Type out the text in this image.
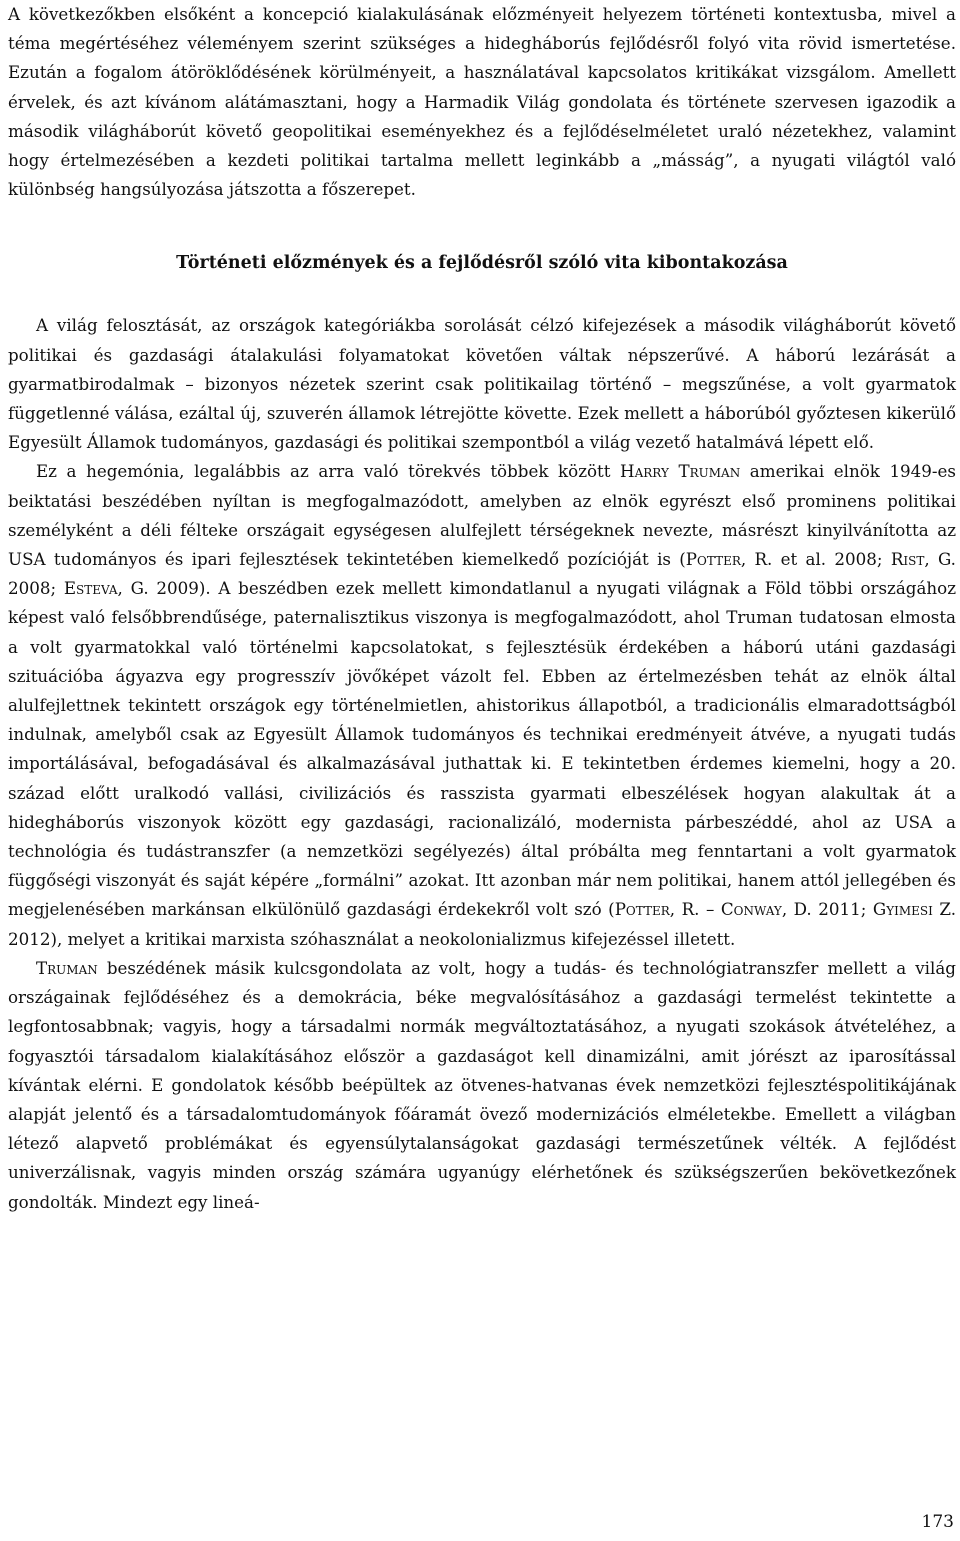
A következőkben elsőként a koncepció kialakulásának előzményeit helyezem történeti kontextusba, mivel a téma megértéséhez véleményem szerint szükséges a hidegháborús fejlődésről folyó vita rövid ismertetése. Ezután a fogalom átöröklődésének körülményeit, a használatával kapcsolatos kritikákat vizsgálom. Amellett érvelek, és azt kívánom alátámasztani, hogy a Harmadik Világ gondolata és története szervesen igazodik a második világháborút követő geopolitikai eseményekhez és a fejlődéselméletet uraló nézetekhez, valamint hogy értelmezésében a kezdeti politikai tartalma mellett leginkább a „másság”, a nyugati világtól való különbség hangsúlyozása játszotta a főszerepet.

Történeti előzmények és a fejlődésről szóló vita kibontakozása

A világ felosztását, az országok kategóriákba sorolását célzó kifejezések a második világháborút követő politikai és gazdasági átalakulási folyamatokat követően váltak népszerűvé. A háború lezárását a gyarmatbirodalmak – bizonyos nézetek szerint csak politikailag történő – megszűnése, a volt gyarmatok függetlenné válása, ezáltal új, szuverén államok létrejötte követte. Ezek mellett a háborúból győztesen kikerülő Egyesült Államok tudományos, gazdasági és politikai szempontból a világ vezető hatalmává lépett elő.

Ez a hegemónia, legalábbis az arra való törekvés többek között Harry Truman amerikai elnök 1949-es beiktatási beszédében nyíltan is megfogalmazódott, amelyben az elnök egyrészt első prominens politikai személyként a déli félteke országait egységesen alulfejlett térségeknek nevezte, másrészt kinyilvánította az USA tudományos és ipari fejlesztések tekintetében kiemelkedő pozícióját is (Potter, R. et al. 2008; Rist, G. 2008; Esteva, G. 2009). A beszédben ezek mellett kimondatlanul a nyugati világnak a Föld többi országához képest való felsőbbrendűsége, paternalisztikus viszonya is megfogalmazódott, ahol Truman tudatosan elmosta a volt gyarmatokkal való történelmi kapcsolatokat, s fejlesztésük érdekében a háború utáni gazdasági szituációba ágyazva egy progresszív jövőképet vázolt fel. Ebben az értelmezésben tehát az elnök által alulfejlettnek tekintett országok egy történelmietlen, ahistorikus állapotból, a tradicionális elmaradottságból indulnak, amelyből csak az Egyesült Államok tudományos és technikai eredményeit átvéve, a nyugati tudás importálásával, befogadásával és alkalmazásával juthattak ki. E tekintetben érdemes kiemelni, hogy a 20. század előtt uralkodó vallási, civilizációs és rasszista gyarmati elbeszélések hogyan alakultak át a hidegháborús viszonyok között egy gazdasági, racionalizáló, modernista párbeszéddé, ahol az USA a technológia és tudástranszfer (a nemzetközi segélyezés) által próbálta meg fenntartani a volt gyarmatok függőségi viszonyát és saját képére „formálni” azokat. Itt azonban már nem politikai, hanem attól jellegében és megjelenésében markánsan elkülönülő gazdasági érdekekről volt szó (Potter, R. – Conway, D. 2011; Gyimesi Z. 2012), melyet a kritikai marxista szóhasználat a neokolonializmus kifejezéssel illetett.

Truman beszédének másik kulcsgondolata az volt, hogy a tudás- és technológiatranszfer mellett a világ országainak fejlődéséhez és a demokrácia, béke megvalósításához a gazdasági termelést tekintette a legfontosabbnak; vagyis, hogy a társadalmi normák megváltoztatásához, a nyugati szokások átvételéhez, a fogyasztói társadalom kialakításához először a gazdaságot kell dinamizálni, amit jórészt az iparosítással kívántak elérni. E gondolatok később beépültek az ötvenes-hatvanas évek nemzetközi fejlesztéspolitikájának alapját jelentő és a társadalomtudományok főáramát övező modernizációs elméletekbe. Emellett a világban létező alapvető problémákat és egyensúlytalanságokat gazdasági természetűnek vélték. A fejlődést univerzálisnak, vagyis minden ország számára ugyanúgy elérhetőnek és szükségszerűen bekövetkezőnek gondolták. Mindezt egy lineá-

173
